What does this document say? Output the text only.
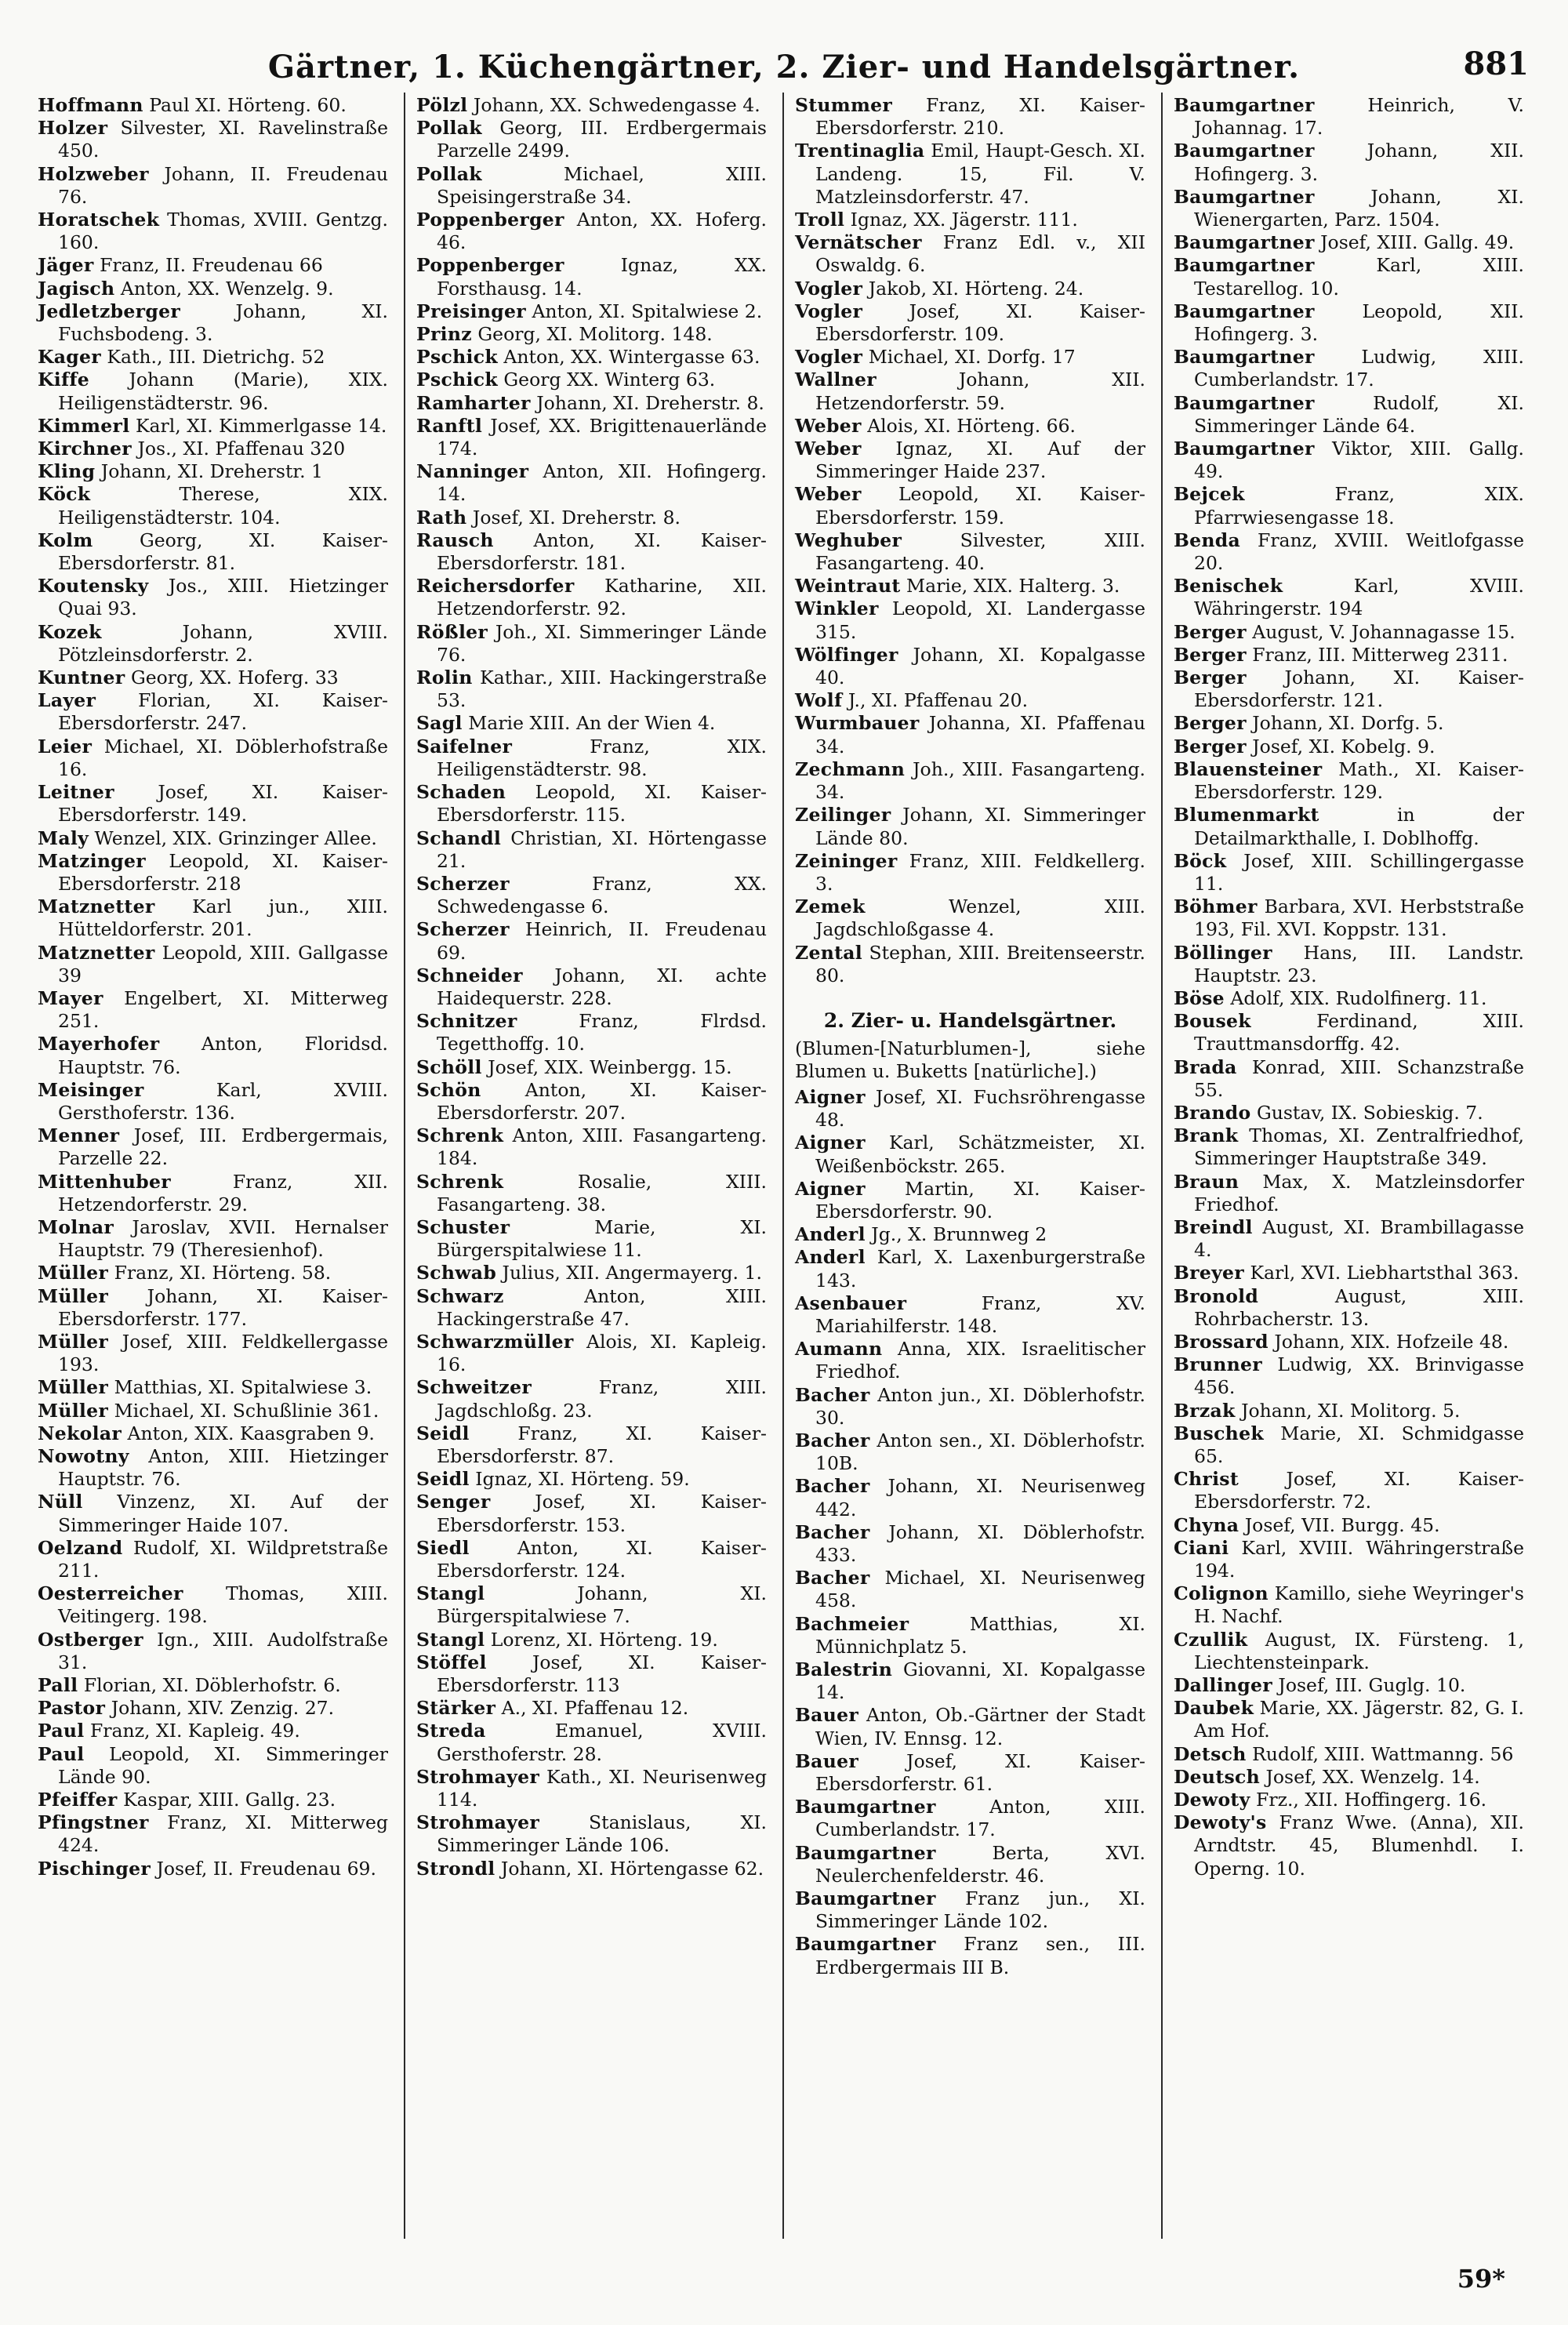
Gärtner, 1. Küchengärtner, 2. Zier- und Handelsgärtner.	881
Hoffmann Paul XI. Hörteng. 60.
Holzer Silvester, XI. Ravelinstraße 450.
Holzweber Johann, II. Freudenau 76.
Horatschek Thomas, XVIII. Gentzg. 160.
Jäger Franz, II. Freudenau 66
Jagisch Anton, XX. Wenzelg. 9.
Jedletzberger	Johann, XI. Fuchsbodeng. 3.
Kager Kath., III. Dietrichg. 52
Kiffe Johann (Marie), XIX. Heiligenstädterstr. 96.
Kimmerl Karl, XI. Kimmerlgasse 14.
Kirchner Jos., XI. Pfaffenau 320
Kling Johann, XI. Dreherstr. 1
Köck	Therese, XIX. Heiligenstädterstr. 104.
Kolm	Georg, XI. Kaiser-Ebersdorferstr. 81.
Koutensky Jos., XIII. Hietzinger Quai 93.
Kozek	Johann, XVIII. Pötzleinsdorferstr. 2.
Kuntner Georg, XX. Hoferg. 33
Layer Florian, XI. Kaiser-Ebersdorferstr. 247.
Leier Michael, XI. Döblerhofstraße 16.
Leitner Josef, XI. Kaiser-Ebersdorferstr. 149.
Maly Wenzel, XIX. Grinzinger Allee.
Matzinger Leopold, XI. Kaiser-Ebersdorferstr. 218
Matznetter Karl jun., XIII. Hütteldorferstr. 201.
Matznetter Leopold, XIII. Gallgasse 39
Mayer Engelbert, XI. Mitterweg 251.
Mayerhofer Anton, Floridsd. Hauptstr. 76.
Meisinger	Karl, XVIII. Gersthoferstr. 136.
Menner Josef, III. Erdbergermais, Parzelle 22.
Mittenhuber	Franz, XII. Hetzendorferstr. 29.
Molnar Jaroslav, XVII. Hernalser Hauptstr. 79 (Theresienhof).
Müller Franz, XI. Hörteng. 58.
Müller Johann, XI. Kaiser-Ebersdorferstr. 177.
Müller Josef, XIII. Feldkellergasse 193.
Müller Matthias, XI. Spitalwiese 3.
Müller Michael, XI. Schußlinie 361.
Nekolar Anton, XIX. Kaasgraben 9.
Nowotny Anton, XIII. Hietzinger Hauptstr. 76.
Nüll Vinzenz, XI. Auf der Simmeringer Haide 107.
Oelzand Rudolf, XI. Wildpretstraße 211.
Oesterreicher Thomas, XIII. Veitingerg. 198.
Ostberger Ign., XIII. Audolfstraße 31.
Pall Florian, XI. Döblerhofstr. 6.
Pastor Johann, XIV. Zenzig. 27.
Paul Franz, XI. Kapleig. 49.
Paul Leopold, XI. Simmeringer Lände 90.
Pfeiffer Kaspar, XIII. Gallg. 23.
Pfingstner Franz, XI. Mitterweg 424.
Pischinger Josef, II. Freudenau 69.
Pölzl Johann, XX. Schwedengasse 4.
Pollak Georg, III. Erdbergermais Parzelle 2499.
Pollak	Michael, XIII. Speisingerstraße 34.
Poppenberger Anton, XX. Hoferg. 46.
Poppenberger	Ignaz, XX. Forsthausg. 14.
Preisinger Anton, XI. Spitalwiese 2.
Prinz Georg, XI. Molitorg. 148.
Pschick Anton, XX. Wintergasse 63.
Pschick Georg XX. Winterg 63.
Ramharter Johann, XI. Dreherstr. 8.
Ranftl Josef, XX. Brigittenauerlände 174.
Nanninger Anton, XII. Hofingerg. 14.
Rath Josef, XI. Dreherstr. 8.
Rausch Anton, XI. Kaiser-Ebersdorferstr. 181.
Reichersdorfer Katharine, XII. Hetzendorferstr. 92.
Rößler Joh., XI. Simmeringer Lände 76.
Rolin Kathar., XIII. Hackingerstraße 53.
Sagl Marie XIII. An der Wien 4.
Saifelner	Franz, XIX. Heiligenstädterstr. 98.
Schaden Leopold, XI. Kaiser-Ebersdorferstr. 115.
Schandl Christian, XI. Hörtengasse 21.
Scherzer	Franz, XX. Schwedengasse 6.
Scherzer Heinrich, II. Freudenau 69.
Schneider Johann, XI. achte Haidequerstr. 228.
Schnitzer	Franz, Flrdsd. Tegetthoffg. 10.
Schöll Josef, XIX. Weinbergg. 15.
Schön Anton, XI. Kaiser-Ebersdorferstr. 207.
Schrenk Anton, XIII. Fasangarteng. 184.
Schrenk	Rosalie, XIII. Fasangarteng. 38.
Schuster	Marie, XI. Bürgerspitalwiese 11.
Schwab Julius, XII. Angermayerg. 1.
Schwarz	Anton, XIII. Hackingerstraße 47.
Schwarzmüller Alois, XI. Kapleig. 16.
Schweitzer	Franz, XIII. Jagdschloßg. 23.
Seidl	Franz, XI. Kaiser-Ebersdorferstr. 87.
Seidl Ignaz, XI. Hörteng. 59.
Senger Josef, XI. Kaiser-Ebersdorferstr. 153.
Siedl	Anton, XI. Kaiser-Ebersdorferstr. 124.
Stangl	Johann, XI. Bürgerspitalwiese 7.
Stangl Lorenz, XI. Hörteng. 19.
Stöffel Josef, XI. Kaiser-Ebersdorferstr. 113
Stärker A., XI. Pfaffenau 12.
Streda	Emanuel, XVIII. Gersthoferstr. 28.
Strohmayer Kath., XI. Neurisenweg 114.
Strohmayer	Stanislaus, XI. Simmeringer Lände 106.
Strondl Johann, XI. Hörtengasse 62.
Stummer Franz, XI. Kaiser-Ebersdorferstr. 210.
Trentinaglia Emil, Haupt-Gesch. XI. Landeng. 15, Fil. V. Matzleinsdorferstr. 47.
Troll Ignaz, XX. Jägerstr. 111.
Vernätscher Franz Edl. v., XII Oswaldg. 6.
Vogler Jakob, XI. Hörteng. 24.
Vogler	Josef, XI. Kaiser-Ebersdorferstr. 109.
Vogler Michael, XI. Dorfg. 17
Wallner	Johann, XII. Hetzendorferstr. 59.
Weber Alois, XI. Hörteng. 66.
Weber Ignaz, XI. Auf der Simmeringer Haide 237.
Weber Leopold, XI. Kaiser-Ebersdorferstr. 159.
Weghuber	Silvester, XIII. Fasangarteng. 40.
Weintraut Marie, XIX. Halterg. 3.
Winkler Leopold, XI. Landergasse 315.
Wölfinger Johann, XI. Kopalgasse 40.
Wolf J., XI. Pfaffenau 20.
Wurmbauer Johanna, XI. Pfaffenau 34.
Zechmann Joh., XIII. Fasangarteng. 34.
Zeilinger Johann, XI. Simmeringer Lände 80.
Zeininger Franz, XIII. Feldkellerg. 3.
Zemek	Wenzel, XIII. Jagdschloßgasse 4.
Zental Stephan, XIII. Breitenseerstr. 80.
2. Zier- u. Handelsgärtner.
(Blumen-[Naturblumen-], siehe Blumen u. Buketts [natürliche].)
Aigner Josef, XI. Fuchsröhrengasse 48.
Aigner Karl, Schätzmeister, XI. Weißenböckstr. 265.
Aigner Martin, XI. Kaiser-Ebersdorferstr. 90.
Anderl Jg., X. Brunnweg 2
Anderl Karl, X. Laxenburgerstraße 143.
Asenbauer	Franz, XV. Mariahilferstr. 148.
Aumann Anna, XIX. Israelitischer Friedhof.
Bacher Anton jun., XI. Döblerhofstr. 30.
Bacher Anton sen., XI. Döblerhofstr. 10B.
Bacher Johann, XI. Neurisenweg 442.
Bacher Johann, XI. Döblerhofstr. 433.
Bacher Michael, XI. Neurisenweg 458.
Bachmeier	Matthias, XI. Münnichplatz 5.
Balestrin Giovanni, XI. Kopalgasse 14.
Bauer Anton, Ob.-Gärtner der Stadt Wien, IV. Ennsg. 12.
Bauer	Josef, XI. Kaiser-Ebersdorferstr. 61.
Baumgartner	Anton, XIII. Cumberlandstr. 17.
Baumgartner	Berta, XVI. Neulerchenfelderstr. 46.
Baumgartner Franz jun., XI. Simmeringer Lände 102.
Baumgartner Franz sen., III. Erdbergermais III B.
Baumgartner	Heinrich, V. Johannag. 17.
Baumgartner	Johann, XII. Hofingerg. 3.
Baumgartner	Johann, XI. Wienergarten, Parz. 1504.
Baumgartner Josef, XIII. Gallg. 49.
Baumgartner	Karl, XIII. Testarellog. 10.
Baumgartner	Leopold, XII. Hofingerg. 3.
Baumgartner	Ludwig, XIII. Cumberlandstr. 17.
Baumgartner	Rudolf, XI. Simmeringer Lände 64.
Baumgartner Viktor, XIII. Gallg. 49.
Bejcek	Franz, XIX. Pfarrwiesengasse 18.
Benda Franz, XVIII. Weitlofgasse 20.
Benischek	Karl, XVIII. Währingerstr. 194
Berger August, V. Johannagasse 15.
Berger Franz, III. Mitterweg 2311.
Berger Johann, XI. Kaiser-Ebersdorferstr. 121.
Berger Johann, XI. Dorfg. 5.
Berger Josef, XI. Kobelg. 9.
Blauensteiner Math., XI. Kaiser-Ebersdorferstr. 129.
Blumenmarkt	in der Detailmarkthalle, I. Doblhoffg.
Böck Josef, XIII. Schillingergasse 11.
Böhmer Barbara, XVI. Herbststraße 193, Fil. XVI. Koppstr. 131.
Böllinger Hans, III. Landstr. Hauptstr. 23.
Böse Adolf, XIX. Rudolfinerg. 11.
Bousek	Ferdinand, XIII. Trauttmansdorffg. 42.
Brada Konrad, XIII. Schanzstraße 55.
Brando Gustav, IX. Sobieskig. 7.
Brank Thomas, XI. Zentralfriedhof, Simmeringer Hauptstraße 349.
Braun Max, X. Matzleinsdorfer Friedhof.
Breindl August, XI. Brambillagasse 4.
Breyer Karl, XVI. Liebhartsthal 363.
Bronold	August, XIII. Rohrbacherstr. 13.
Brossard Johann, XIX. Hofzeile 48.
Brunner Ludwig, XX. Brinvigasse 456.
Brzak Johann, XI. Molitorg. 5.
Buschek Marie, XI. Schmidgasse 65.
Christ	Josef, XI. Kaiser-Ebersdorferstr. 72.
Chyna Josef, VII. Burgg. 45.
Ciani Karl, XVIII. Währingerstraße 194.
Colignon Kamillo, siehe Weyringer's H. Nachf.
Czullik August, IX. Fürsteng. 1, Liechtensteinpark.
Dallinger Josef, III. Guglg. 10.
Daubek Marie, XX. Jägerstr. 82, G. I. Am Hof.
Detsch Rudolf, XIII. Wattmanng. 56
Deutsch Josef, XX. Wenzelg. 14.
Dewoty Frz., XII. Hoffingerg. 16.
Dewoty's Franz Wwe. (Anna), XII. Arndtstr. 45, Blumenhdl. I. Operng. 10.
59*
